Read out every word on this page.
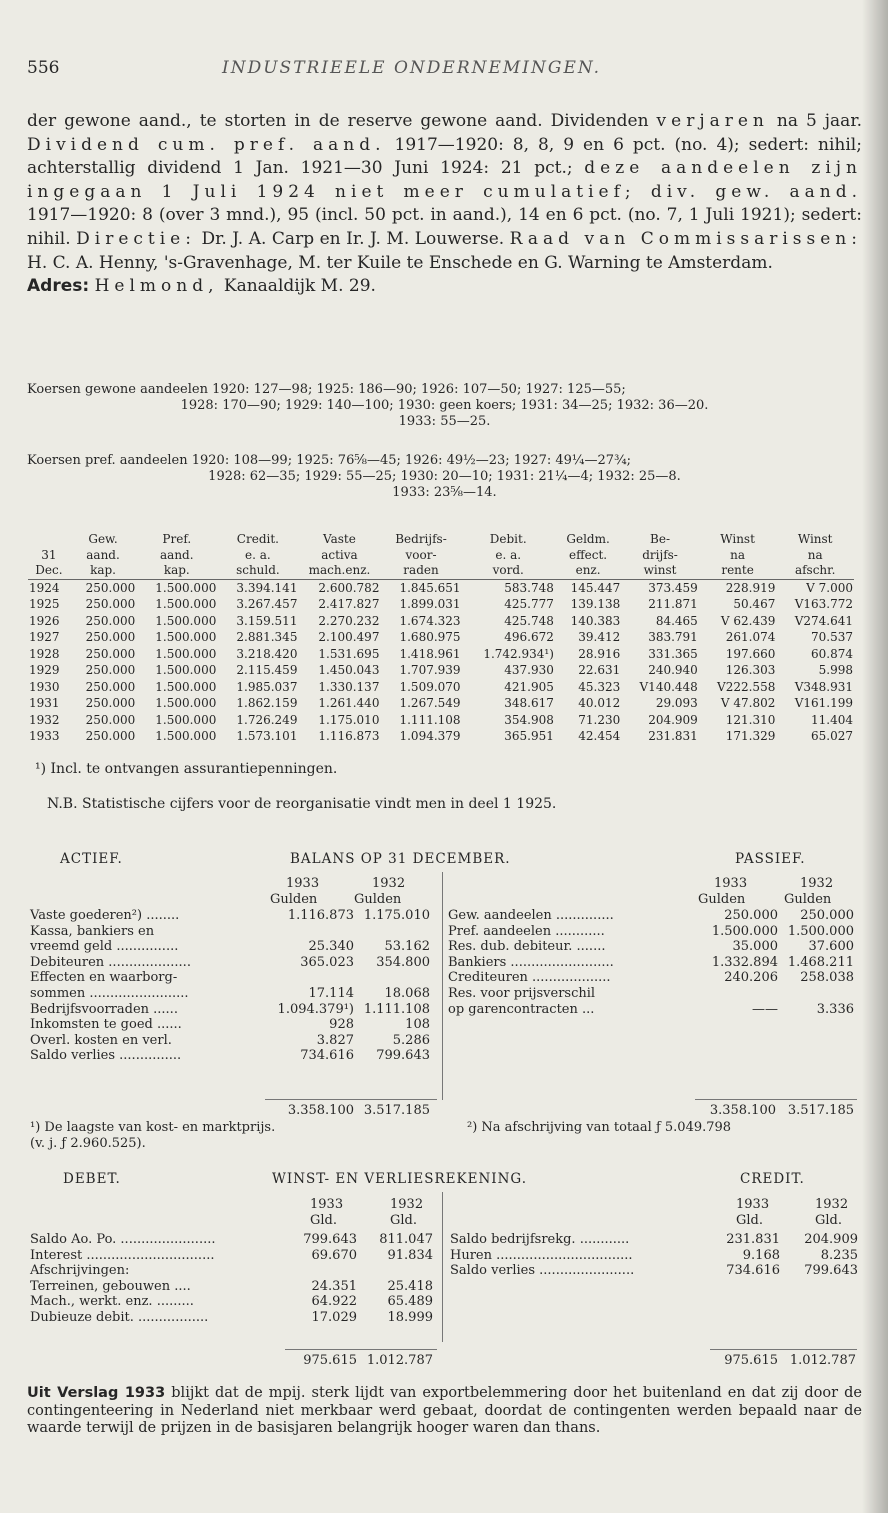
556	INDUSTRIEELE ONDERNEMINGEN.
der gewone aand., te storten in de reserve gewone aand. Dividenden verjaren na 5 jaar. Dividend cum. pref. aand. 1917—1920: 8, 8, 9 en 6 pct. (no. 4); sedert: nihil; achterstallig dividend 1 Jan. 1921—30 Juni 1924: 21 pct.; deze aandeelen zijn ingegaan 1 Juli 1924 niet meer cumulatief; div. gew. aand. 1917—1920: 8 (over 3 mnd.), 95 (incl. 50 pct. in aand.), 14 en 6 pct. (no. 7, 1 Juli 1921); sedert: nihil. Directie: Dr. J. A. Carp en Ir. J. M. Louwerse. Raad van Commissarissen: H. C. A. Henny, 's-Gravenhage, M. ter Kuile te Enschede en G. Warning te Amsterdam.
Adres: Helmond, Kanaaldijk M. 29.
Koersen gewone aandeelen 1920: 127—98; 1925: 186—90; 1926: 107—50; 1927: 125—55;
1928: 170—90; 1929: 140—100; 1930: geen koers; 1931: 34—25; 1932: 36—20.
1933: 55—25.
Koersen pref. aandeelen 1920: 108—99; 1925: 76⅝—45; 1926: 49½—23; 1927: 49¼—27¾;
1928: 62—35; 1929: 55—25; 1930: 20—10; 1931: 21¼—4; 1932: 25—8.
1933: 23⅝—14.
	Gew.	Pref.	Credit.	Vaste	Bedrijfs-	Debit.	Geldm.	Be-	Winst	Winst
31	aand.	aand.	e. a.	activa	voor-	e. a.	effect.	drijfs-	na	na
Dec.	kap.	kap.	schuld.	mach.enz.	raden	vord.	enz.	winst	rente	afschr.
1924	250.000	1.500.000	3.394.141	2.600.782	1.845.651	583.748	145.447	373.459	228.919	V 7.000
1925	250.000	1.500.000	3.267.457	2.417.827	1.899.031	425.777	139.138	211.871	50.467	V163.772
1926	250.000	1.500.000	3.159.511	2.270.232	1.674.323	425.748	140.383	84.465	V 62.439	V274.641
1927	250.000	1.500.000	2.881.345	2.100.497	1.680.975	496.672	39.412	383.791	261.074	70.537
1928	250.000	1.500.000	3.218.420	1.531.695	1.418.961	1.742.934¹)	28.916	331.365	197.660	60.874
1929	250.000	1.500.000	2.115.459	1.450.043	1.707.939	437.930	22.631	240.940	126.303	5.998
1930	250.000	1.500.000	1.985.037	1.330.137	1.509.070	421.905	45.323	V140.448	V222.558	V348.931
1931	250.000	1.500.000	1.862.159	1.261.440	1.267.549	348.617	40.012	29.093	V 47.802	V161.199
1932	250.000	1.500.000	1.726.249	1.175.010	1.111.108	354.908	71.230	204.909	121.310	11.404
1933	250.000	1.500.000	1.573.101	1.116.873	1.094.379	365.951	42.454	231.831	171.329	65.027
¹) Incl. te ontvangen assurantiepenningen.
N.B. Statistische cijfers voor de reorganisatie vindt men in deel 1 1925.
ACTIEF.	BALANS OP 31 DECEMBER.	PASSIEF.
1933	1932
Gulden	Gulden
1933	1932
Gulden	Gulden
Vaste goederen²) ........	1.116.873	1.175.010
Kassa, bankiers en		
vreemd geld ...............	25.340	53.162
Debiteuren ....................	365.023	354.800
Effecten en waarborg-		
sommen ........................	17.114	18.068
Bedrijfsvoorraden ......	1.094.379¹)	1.111.108
Inkomsten te goed ......	928	108
Overl. kosten en verl.	3.827	5.286
Saldo verlies ...............	734.616	799.643
Gew. aandeelen ..............	250.000	250.000
Pref. aandeelen ............	1.500.000	1.500.000
Res. dub. debiteur. .......	35.000	37.600
Bankiers .........................	1.332.894	1.468.211
Crediteuren ...................	240.206	258.038
Res. voor prijsverschil		
op garencontracten ...	——	3.336
3.358.100 3.517.185	3.358.100 3.517.185
¹) De laagste van kost- en marktprijs.	²) Na afschrijving van totaal ƒ 5.049.798
(v. j. ƒ 2.960.525).
DEBET.	WINST- EN VERLIESREKENING.	CREDIT.
1933	1932
Gld.	Gld.
1933	1932
Gld.	Gld.
Saldo Ao. Po. .......................	799.643	811.047
Interest ...............................	69.670	91.834
Afschrijvingen:		
Terreinen, gebouwen ....	24.351	25.418
Mach., werkt. enz. .........	64.922	65.489
Dubieuze debit. .................	17.029	18.999
Saldo bedrijfsrekg. ............	231.831	204.909
Huren .................................	9.168	8.235
Saldo verlies .......................	734.616	799.643
975.615 1.012.787	975.615 1.012.787
Uit Verslag 1933 blijkt dat de mpij. sterk lijdt van exportbelemmering door het buitenland en dat zij door de contingenteering in Nederland niet merkbaar werd gebaat, doordat de contingenten werden bepaald naar de waarde terwijl de prijzen in de basisjaren belangrijk hooger waren dan thans.
